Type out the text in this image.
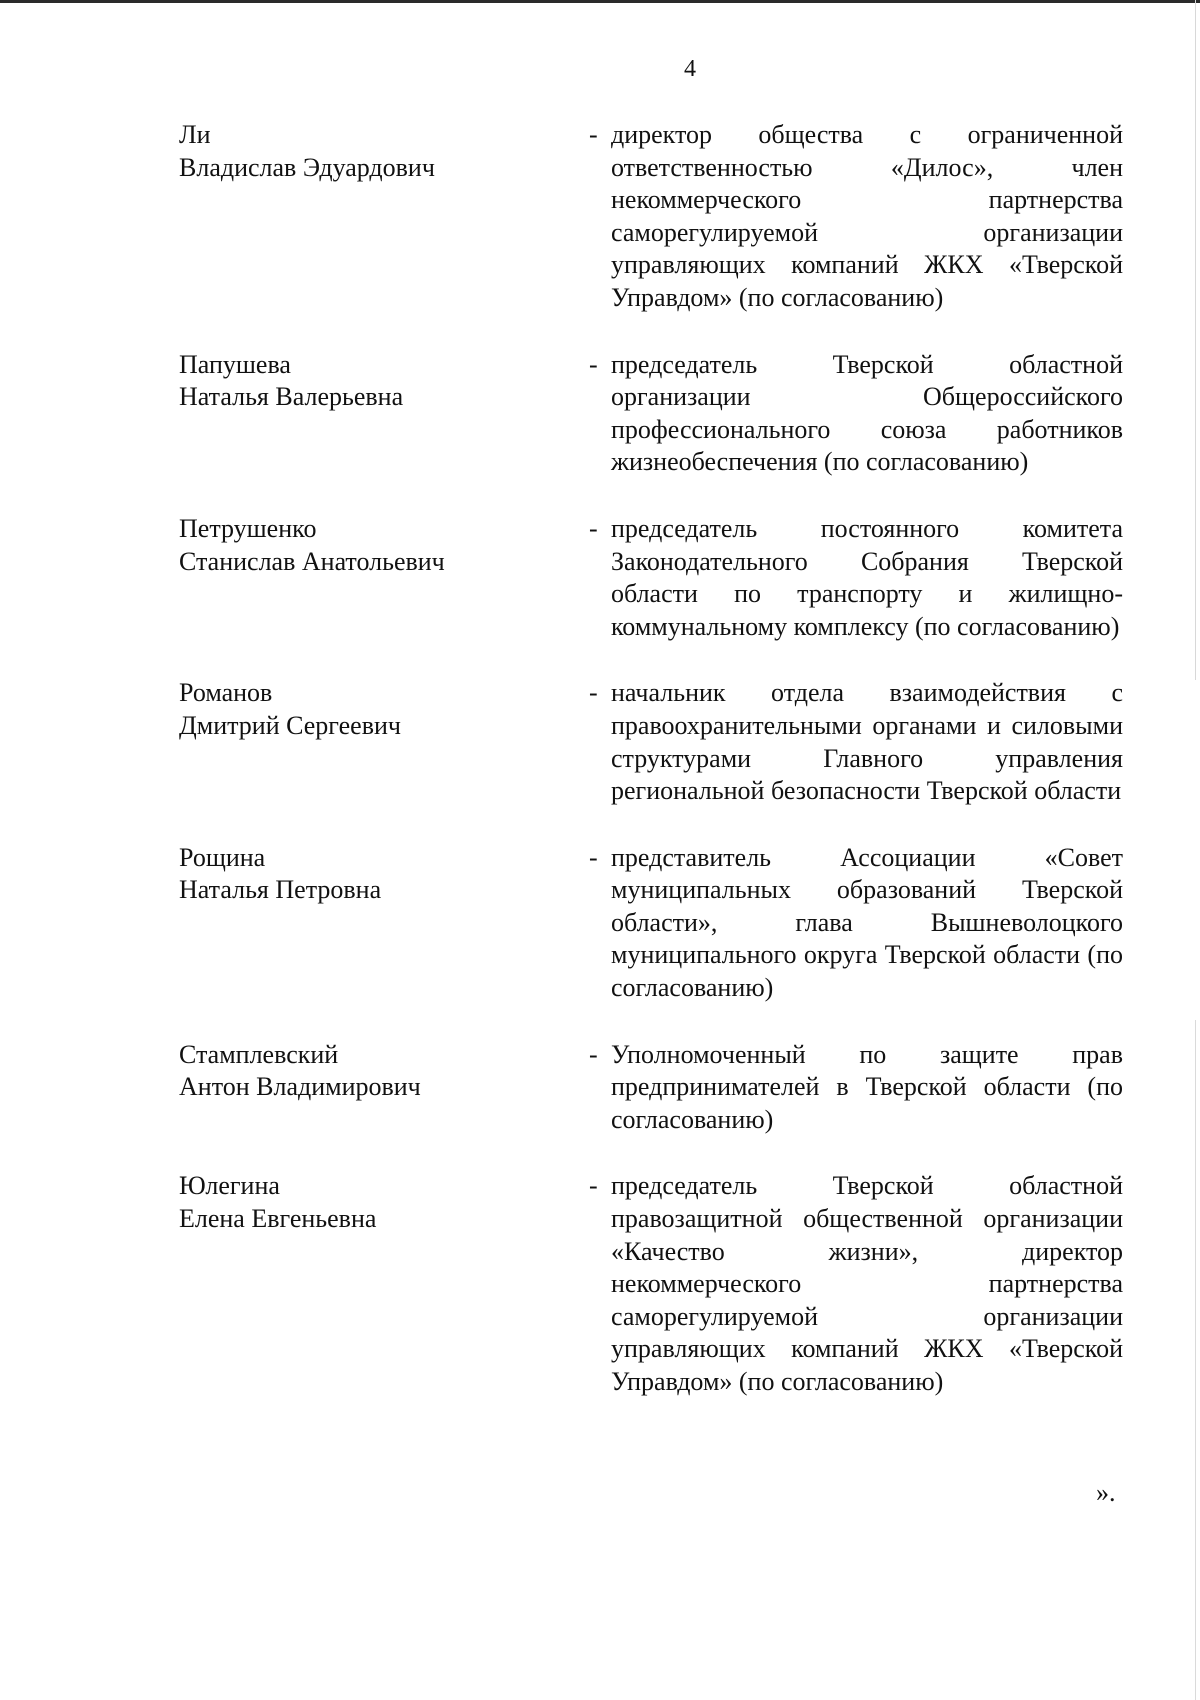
4
Ли
Владислав Эдуардович
- директор общества с ограниченной ответственностью «Дилос», член некоммерческого партнерства саморегулируемой организации управляющих компаний ЖКХ «Тверской Управдом» (по согласованию)
Папушева
Наталья Валерьевна
- председатель Тверской областной организации Общероссийского профессионального союза работников жизнеобеспечения (по согласованию)
Петрушенко
Станислав Анатольевич
- председатель постоянного комитета Законодательного Собрания Тверской области по транспорту и жилищно-коммунальному комплексу (по согласованию)
Романов
Дмитрий Сергеевич
- начальник отдела взаимодействия с правоохранительными органами и силовыми структурами Главного управления региональной безопасности Тверской области
Рощина
Наталья Петровна
- представитель Ассоциации «Совет муниципальных образований Тверской области», глава Вышневолоцкого муниципального округа Тверской области (по согласованию)
Стамплевский
Антон Владимирович
- Уполномоченный по защите прав предпринимателей в Тверской области (по согласованию)
Юлегина
Елена Евгеньевна
- председатель Тверской областной правозащитной общественной организации «Качество жизни», директор некоммерческого партнерства саморегулируемой организации управляющих компаний ЖКХ «Тверской Управдом» (по согласованию)
».
